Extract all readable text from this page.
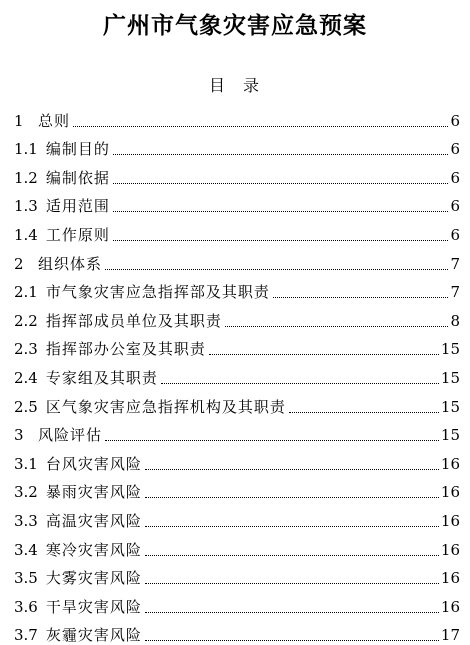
广州市气象灾害应急预案
目 录
1 总则	6
1.1 编制目的	6
1.2 编制依据	6
1.3 适用范围	6
1.4 工作原则	6
2 组织体系	7
2.1 市气象灾害应急指挥部及其职责	7
2.2 指挥部成员单位及其职责	8
2.3 指挥部办公室及其职责	15
2.4 专家组及其职责	15
2.5 区气象灾害应急指挥机构及其职责	15
3 风险评估	15
3.1 台风灾害风险	16
3.2 暴雨灾害风险	16
3.3 高温灾害风险	16
3.4 寒冷灾害风险	16
3.5 大雾灾害风险	16
3.6 干旱灾害风险	16
3.7 灰霾灾害风险	17
